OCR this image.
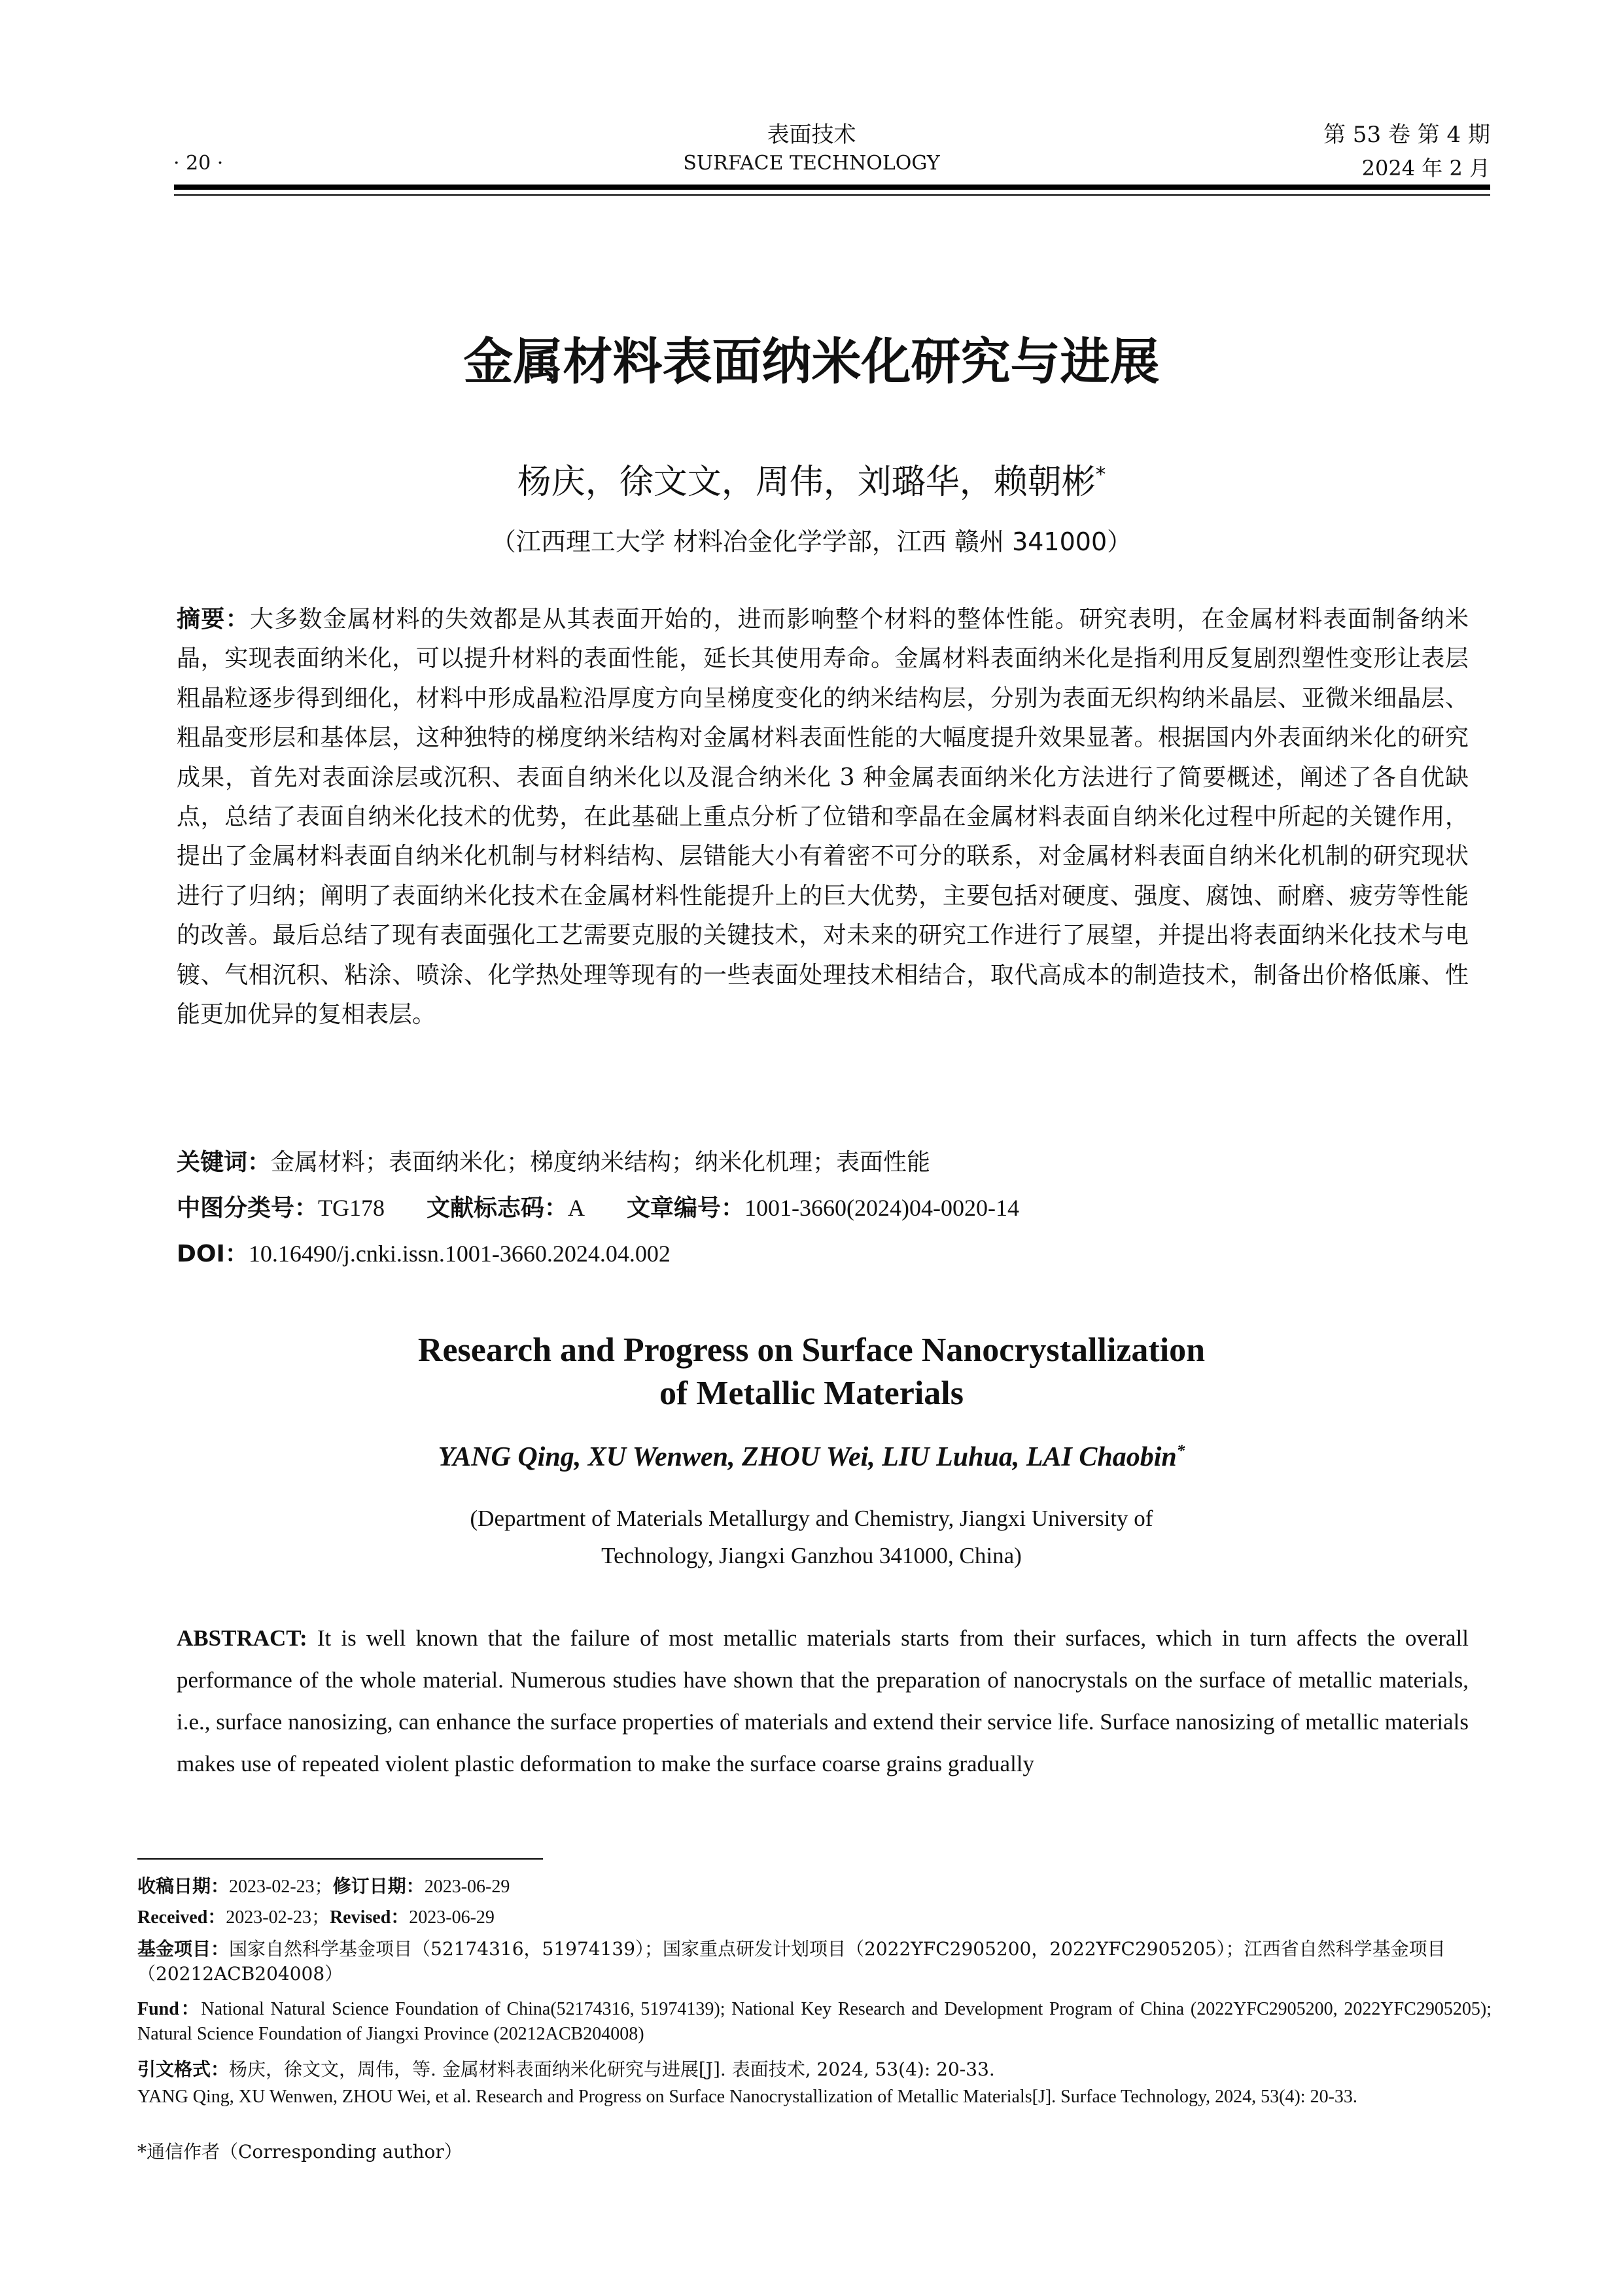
表面技术	第 53 卷 第 4 期
· 20 ·	SURFACE TECHNOLOGY	2024 年 2 月
金属材料表面纳米化研究与进展
杨庆，徐文文，周伟，刘璐华，赖朝彬*
（江西理工大学 材料冶金化学学部，江西 赣州 341000）
摘要：大多数金属材料的失效都是从其表面开始的，进而影响整个材料的整体性能。研究表明，在金属材料表面制备纳米晶，实现表面纳米化，可以提升材料的表面性能，延长其使用寿命。金属材料表面纳米化是指利用反复剧烈塑性变形让表层粗晶粒逐步得到细化，材料中形成晶粒沿厚度方向呈梯度变化的纳米结构层，分别为表面无织构纳米晶层、亚微米细晶层、粗晶变形层和基体层，这种独特的梯度纳米结构对金属材料表面性能的大幅度提升效果显著。根据国内外表面纳米化的研究成果，首先对表面涂层或沉积、表面自纳米化以及混合纳米化 3 种金属表面纳米化方法进行了简要概述，阐述了各自优缺点，总结了表面自纳米化技术的优势，在此基础上重点分析了位错和孪晶在金属材料表面自纳米化过程中所起的关键作用，提出了金属材料表面自纳米化机制与材料结构、层错能大小有着密不可分的联系，对金属材料表面自纳米化机制的研究现状进行了归纳；阐明了表面纳米化技术在金属材料性能提升上的巨大优势，主要包括对硬度、强度、腐蚀、耐磨、疲劳等性能的改善。最后总结了现有表面强化工艺需要克服的关键技术，对未来的研究工作进行了展望，并提出将表面纳米化技术与电镀、气相沉积、粘涂、喷涂、化学热处理等现有的一些表面处理技术相结合，取代高成本的制造技术，制备出价格低廉、性能更加优异的复相表层。
关键词：金属材料；表面纳米化；梯度纳米结构；纳米化机理；表面性能
中图分类号：TG178 文献标志码：A 文章编号：1001-3660(2024)04-0020-14
DOI：10.16490/j.cnki.issn.1001-3660.2024.04.002
Research and Progress on Surface Nanocrystallization
of Metallic Materials
YANG Qing, XU Wenwen, ZHOU Wei, LIU Luhua, LAI Chaobin*
(Department of Materials Metallurgy and Chemistry, Jiangxi University of
Technology, Jiangxi Ganzhou 341000, China)
ABSTRACT: It is well known that the failure of most metallic materials starts from their surfaces, which in turn affects the overall performance of the whole material. Numerous studies have shown that the preparation of nanocrystals on the surface of metallic materials, i.e., surface nanosizing, can enhance the surface properties of materials and extend their service life. Surface nanosizing of metallic materials makes use of repeated violent plastic deformation to make the surface coarse grains gradually
收稿日期：2023-02-23；修订日期：2023-06-29
Received：2023-02-23；Revised：2023-06-29
基金项目：国家自然科学基金项目（52174316，51974139）；国家重点研发计划项目（2022YFC2905200，2022YFC2905205）；江西省自然科学基金项目（20212ACB204008）
Fund：National Natural Science Foundation of China(52174316, 51974139); National Key Research and Development Program of China (2022YFC2905200, 2022YFC2905205); Natural Science Foundation of Jiangxi Province (20212ACB204008)
引文格式：杨庆，徐文文，周伟，等. 金属材料表面纳米化研究与进展[J]. 表面技术, 2024, 53(4): 20-33.
YANG Qing, XU Wenwen, ZHOU Wei, et al. Research and Progress on Surface Nanocrystallization of Metallic Materials[J]. Surface Technology, 2024, 53(4): 20-33.
*通信作者（Corresponding author）
